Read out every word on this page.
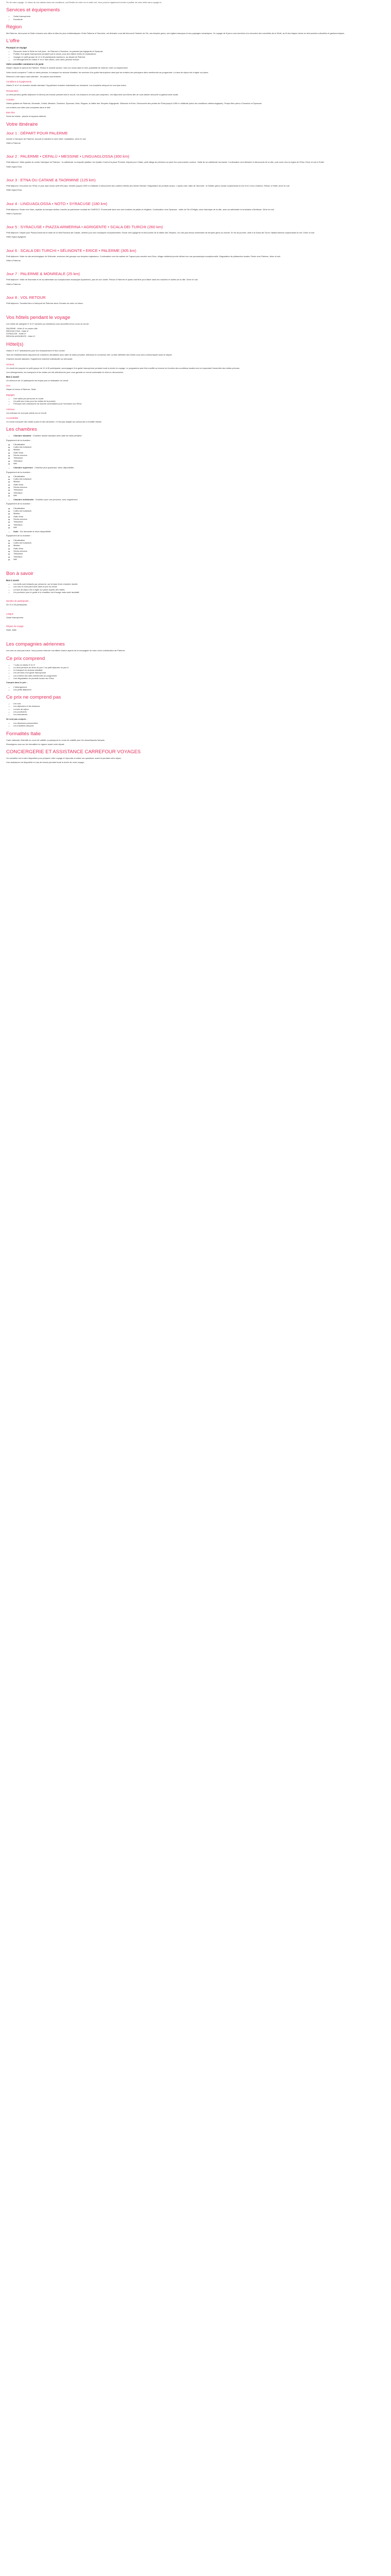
Fin de votre voyage : le retour de vos valises dans ces conditions, soit Séville de votre vol et cette nuit. Vous pourrez également rendre à profiter de votre belle sans voyage ici.

Services et équipements
• Guide francophone
• Excellente
Région

Ma Palermo, découvrez la Sicile à travers ses villes et sites les plus emblématiques. Entre Palerme et Taormine, cet itinéraire vous fait découvrir l'histoire de l'île, ses temples grecs, ses églises baroques et ses paysages volcaniques. Ce voyage de 8 jours vous emmène à la rencontre des merveilles de la Sicile, au fil des étapes riches en découvertes culturelles et gastronomiques.

L'offre
Pourquoi ce voyage
• Découvrir toute la Sicile en huit jours : de Palerme à Taormine, en passant par Agrigente et Syracuse
• Profiter d'un guide francophone pendant tout le circuit, pour des visites riches en explications
• Voyager en petit groupe de 12 à 30 participants maximum, au départ de Palerme
• Un hébergement en hôtels 3* et 4* bien situés, avec demi-pension incluse
Votre conseiller commerce à le juste

Départ: départ le samedi de Palerme. Retour le samedi suivant. Vols non inclus dans le tarif, possibilité de réserver votre vol séparément.

Votre circuit comprend 7 nuits en demi-pension, le transport en autocar climatisé, les services d'un guide francophone ainsi que les entrées des principaux sites mentionnés au programme. La taxe de séjour est à régler sur place.

Réservez votre séjour sans attendre : les places sont limitées.

Conditions & équipements

Hôtels 3* et 4* en chambre double standard. Supplément chambre individuelle sur demande. Les transferts aéroport ne sont pas inclus.

Restauration

La demi-pension (petits déjeuners et dîners) est incluse pendant tout le circuit. Les boissons ne sont pas comprises. Les déjeuners sont libres afin de vous laisser découvrir la gastronomie locale.

Activités

Visites guidées de Palerme, Monreale, Cefalù, Messine, Taormine, Syracuse, Noto, Raguse, la Vallée des Temples d'Agrigente, Sélinonte et Erice. Découverte des pentes de l'Etna jusqu'à 1900 m d'altitude (selon les conditions météorologiques). Temps libre prévu à Taormine et Syracuse.

Les entrées aux sites sont comprises dans le tarif.

Bien-être

Selon les hôtels : piscine et espaces détente.

Votre itinéraire
Jour 1 : DÉPART POUR PALERME

Arrivée à l'aéroport de Palerme. Accueil et transfert à votre hôtel. Installation, dîner et nuit.

Hôtel à Palerme

Jour 2 : PALERME • CEFALÙ • MESSINE • LINGUAGLOSSA (300 km)

Petit déjeuner. Visite guidée du centre historique de Palerme : la cathédrale, la chapelle palatine, les Quattro Canti et la place Pretoria. Départ pour Cefalù, petit village de pêcheurs au pied d'un promontoire rocheux. Visite de sa cathédrale normande. Continuation vers Messine et découverte de la ville, puis route vers la région de l'Etna. Dîner et nuit à l'hôtel.

Hôtel région Etna

Jour 3 : ETNA OU CATANE & TAORMINE (125 km)

Petit déjeuner. Excursion sur l'Etna, le plus haut volcan actif d'Europe. Montée jusqu'à 1900 m d'altitude et découverte des cratères éteints des Monts Silvestri. Dégustation de produits locaux. L'après-midi, visite de Taormine : le théâtre gréco-romain surplombant la mer et le Corso Umberto. Retour à l'hôtel, dîner et nuit.

Hôtel région Etna

Jour 4 : LINGUAGLOSSA • NOTO • SYRACUSE (180 km)

Petit déjeuner. Route vers Noto, capitale du baroque sicilien, inscrite au patrimoine mondial de l'UNESCO. Promenade dans ses rues bordées de palais et d'églises. Continuation vers Syracuse : visite de l'île d'Ortigia, cœur historique de la ville, avec sa cathédrale et la fontaine d'Aréthuse. Dîner et nuit.

Hôtel à Syracuse

Jour 5 : SYRACUSE • PIAZZA ARMERINA • AGRIGENTE • SCALA DEI TURCHI (260 km)

Petit déjeuner. Départ pour Piazza Armerina et visite de la Villa Romana del Casale, célèbre pour ses mosaïques exceptionnelles. Route vers Agrigente et découverte de la Vallée des Temples, l'un des plus beaux ensembles de temples grecs au monde. En fin de journée, arrêt à la Scala dei Turchi, falaise blanche surplombant la mer. Dîner et nuit.

Hôtel région Agrigente

Jour 6 : SCALA DEI TURCHI • SÉLINONTE • ERICE • PALERME (305 km)

Petit déjeuner. Visite du site archéologique de Sélinonte, ancienne cité grecque aux temples majestueux. Continuation vers les salines de Trapani puis montée vers Erice, village médiéval perché offrant une vue panoramique exceptionnelle. Dégustation de pâtisseries locales. Route vers Palerme, dîner et nuit.

Hôtel à Palerme

Jour 7 : PALERME & MONREALE (25 km)

Petit déjeuner. Visite de Monreale et de sa cathédrale aux somptueuses mosaïques byzantines, puis de son cloître. Retour à Palerme et après-midi libre pour flâner dans les marchés et ruelles de la ville. Dîner et nuit.

Hôtel à Palerme

Jour 8 : VOL RETOUR

Petit déjeuner. Transfert libre à l'aéroport de Palerme selon l'horaire de votre vol retour.

Vos hôtels pendant le voyage

Les hôtels de catégorie 3* et 4* suivants (ou similaires) vous accueilleront au cours du circuit :

PALERME : Hôtel 4* en centre-ville

RÉGION ETNA : Hôtel 4*

SYRACUSE : Hôtel 3*

RÉGION AGRIGENTE : Hôtel 4*

Hôtel(s)

Hôtels 3* et 4* sélectionnés pour leur emplacement et leur confort.

Tous les établissements disposent de chambres climatisées avec salle de bains privative, télévision et connexion wifi. La liste définitive des hôtels vous sera communiquée avant le départ.

Chambre double standard. Supplément chambre individuelle sur demande.

Général

Ce circuit est proposé en petit groupe de 12 à 30 participants, accompagné d'un guide francophone pendant toute la durée du voyage. Le programme peut être modifié ou inversé en fonction des conditions locales tout en respectant l'ensemble des visites prévues.

Les hébergements, les transports et les visites ont été sélectionnés pour vous garantir un circuit confortable et riche en découvertes.

Bon à savoir

Un minimum de 12 participants est requis pour la réalisation du circuit.

Lieu

Départ et retour à Palerme, Sicile.

Bagages
• Une valise par personne en soute.
• Un petit sac à dos pour les visites de la journée.
• Prévoyez des chaussures de marche confortables pour l'excursion sur l'Etna.
Animaux

Les animaux ne sont pas admis sur ce circuit.

Accessibilité

Ce circuit comporte des visites à pied et des dénivelés. Il n'est pas adapté aux personnes à mobilité réduite.

Les chambres
• Chambre standard : Chambre double standard avec salle de bains privative.

Équipement de la chambre :

◦ Climatisation
◦ Coffre-fort individuel
◦ Minibar
◦ Salle d'eau
◦ Sèche-cheveux
◦ Téléphone
◦ Télévision
◦ Wifi
• Chambre supérieure : Chambre plus spacieuse, selon disponibilité.

Équipement de la chambre :

◦ Climatisation
◦ Coffre-fort individuel
◦ Minibar
◦ Salle d'eau
◦ Sèche-cheveux
◦ Téléphone
◦ Télévision
◦ Wifi
• Chambre individuelle : Chambre pour une personne, avec supplément.

Équipement de la chambre :

◦ Climatisation
◦ Coffre-fort individuel
◦ Minibar
◦ Salle d'eau
◦ Sèche-cheveux
◦ Téléphone
◦ Télévision
◦ Wifi
• Suite : Sur demande et selon disponibilité.

Équipement de la chambre :

◦ Climatisation
◦ Coffre-fort individuel
◦ Minibar
◦ Salle d'eau
◦ Sèche-cheveux
◦ Téléphone
◦ Télévision
◦ Wifi
Bon à savoir
Bon à savoir
• Les tarifs sont indiqués par personne, sur la base d'une chambre double.
• Les vols ne sont pas inclus dans le prix du circuit.
• La taxe de séjour est à régler sur place auprès des hôtels.
• Un pourboire pour le guide et le chauffeur est d'usage mais reste facultatif.
Nombre de participants

De 12 à 30 participants.

Langue

Guide francophone.

Région du voyage

Sicile, Italie.

Les compagnies aériennes

Les vols ne sont pas inclus. Vous pouvez réserver vos billets d'avion auprès de la compagnie de votre choix à destination de Palerme.

Ce prix comprend
• 7 nuits en hôtels 3* et 4*
• La demi-pension du dîner du jour 1 au petit déjeuner du jour 8
• Le transport en autocar climatisé
• Les services d'un guide francophone
• Les entrées des sites mentionnés au programme
• Une dégustation de produits locaux sur l'Etna

Compris dans le prix :

• L'hébergement
• Les petits déjeuners
Ce prix ne comprend pas
• Les vols
• Les déjeuners et les boissons
• La taxe de séjour
• Les pourboires
• Les assurances

Ne sont pas compris :

• Les dépenses personnelles
• Les transferts aéroport
Formalités Italie

Carte nationale d'identité en cours de validité ou passeport en cours de validité pour les ressortissants français.

Renseignez-vous sur les formalités en vigueur avant votre départ.

CONCIERGERIE ET ASSISTANCE CARREFOUR VOYAGES

Un conseiller est à votre disposition pour préparer votre voyage et répondre à toutes vos questions, avant et pendant votre séjour.

Une assistance est disponible en cas de besoin pendant toute la durée de votre voyage.
